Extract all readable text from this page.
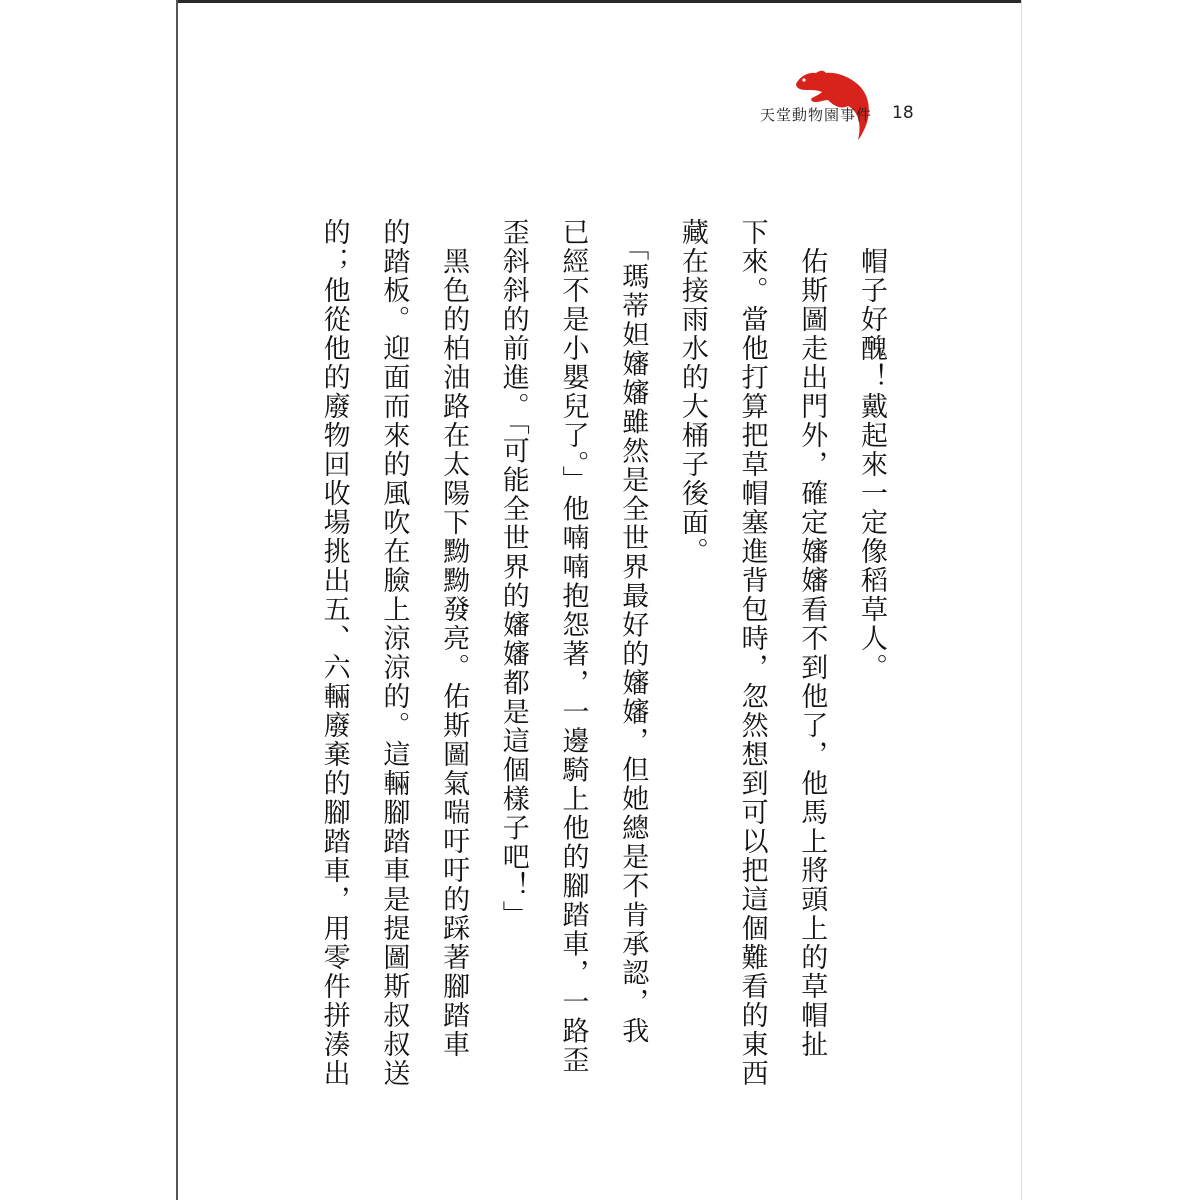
天堂動物園事件 18
　帽子好醜！戴起來一定像稻草人。
　佑斯圖走出門外，確定嬸嬸看不到他了，他馬上將頭上的草帽扯
下來。當他打算把草帽塞進背包時，忽然想到可以把這個難看的東西
藏在接雨水的大桶子後面。
　「瑪蒂妲嬸嬸雖然是全世界最好的嬸嬸，但她總是不肯承認，我
已經不是小嬰兒了。」他喃喃抱怨著，一邊騎上他的腳踏車，一路歪
歪斜斜的前進。「可能全世界的嬸嬸都是這個樣子吧！」
　黑色的柏油路在太陽下黝黝發亮。佑斯圖氣喘吁吁的踩著腳踏車
的踏板。迎面而來的風吹在臉上涼涼的。這輛腳踏車是提圖斯叔叔送
的；他從他的廢物回收場挑出五、六輛廢棄的腳踏車，用零件拼湊出
